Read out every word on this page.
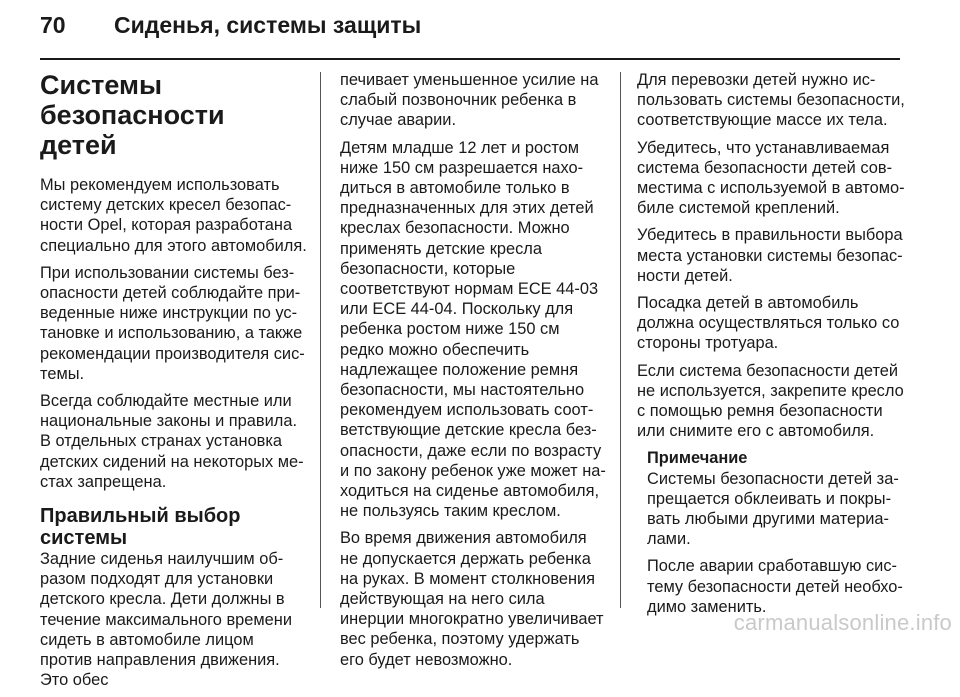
70 Сиденья, системы защиты
Системы
безопасности детей

Мы рекомендуем использовать систему детских кресел безопасности Opel, которая разработана специально для этого автомобиля.

При использовании системы безопасности детей соблюдайте приведенные ниже инструкции по установке и использованию, а также рекомендации производителя системы.

Всегда соблюдайте местные или национальные законы и правила. В отдельных странах установка детских сидений на некоторых местах запрещена.

Правильный выбор системы

Задние сиденья наилучшим образом подходят для установки детского кресла. Дети должны в течение максимального времени сидеть в автомобиле лицом против направления движения. Это обес

печивает уменьшенное усилие на слабый позвоночник ребенка в случае аварии.

Детям младше 12 лет и ростом ниже 150 см разрешается находиться в автомобиле только в предназначенных для этих детей креслах безопасности. Можно применять детские кресла безопасности, которые соответствуют нормам ECE 44-03 или ECE 44-04. Поскольку для ребенка ростом ниже 150 см редко можно обеспечить надлежащее положение ремня безопасности, мы настоятельно рекомендуем использовать соответствующие детские кресла безопасности, даже если по возрасту и по закону ребенок уже может находиться на сиденье автомобиля, не пользуясь таким креслом.

Во время движения автомобиля не допускается держать ребенка на руках. В момент столкновения действующая на него сила инерции многократно увеличивает вес ребенка, поэтому удержать его будет невозможно.

Для перевозки детей нужно использовать системы безопасности, соответствующие массе их тела.

Убедитесь, что устанавливаемая система безопасности детей совместима с используемой в автомобиле системой креплений.

Убедитесь в правильности выбора места установки системы безопасности детей.

Посадка детей в автомобиль должна осуществляться только со стороны тротуара.

Если система безопасности детей не используется, закрепите кресло с помощью ремня безопасности или снимите его с автомобиля.

Примечание

Системы безопасности детей запрещается обклеивать и покрывать любыми другими материалами.

После аварии сработавшую систему безопасности детей необходимо заменить.

carmanualsonline.info
